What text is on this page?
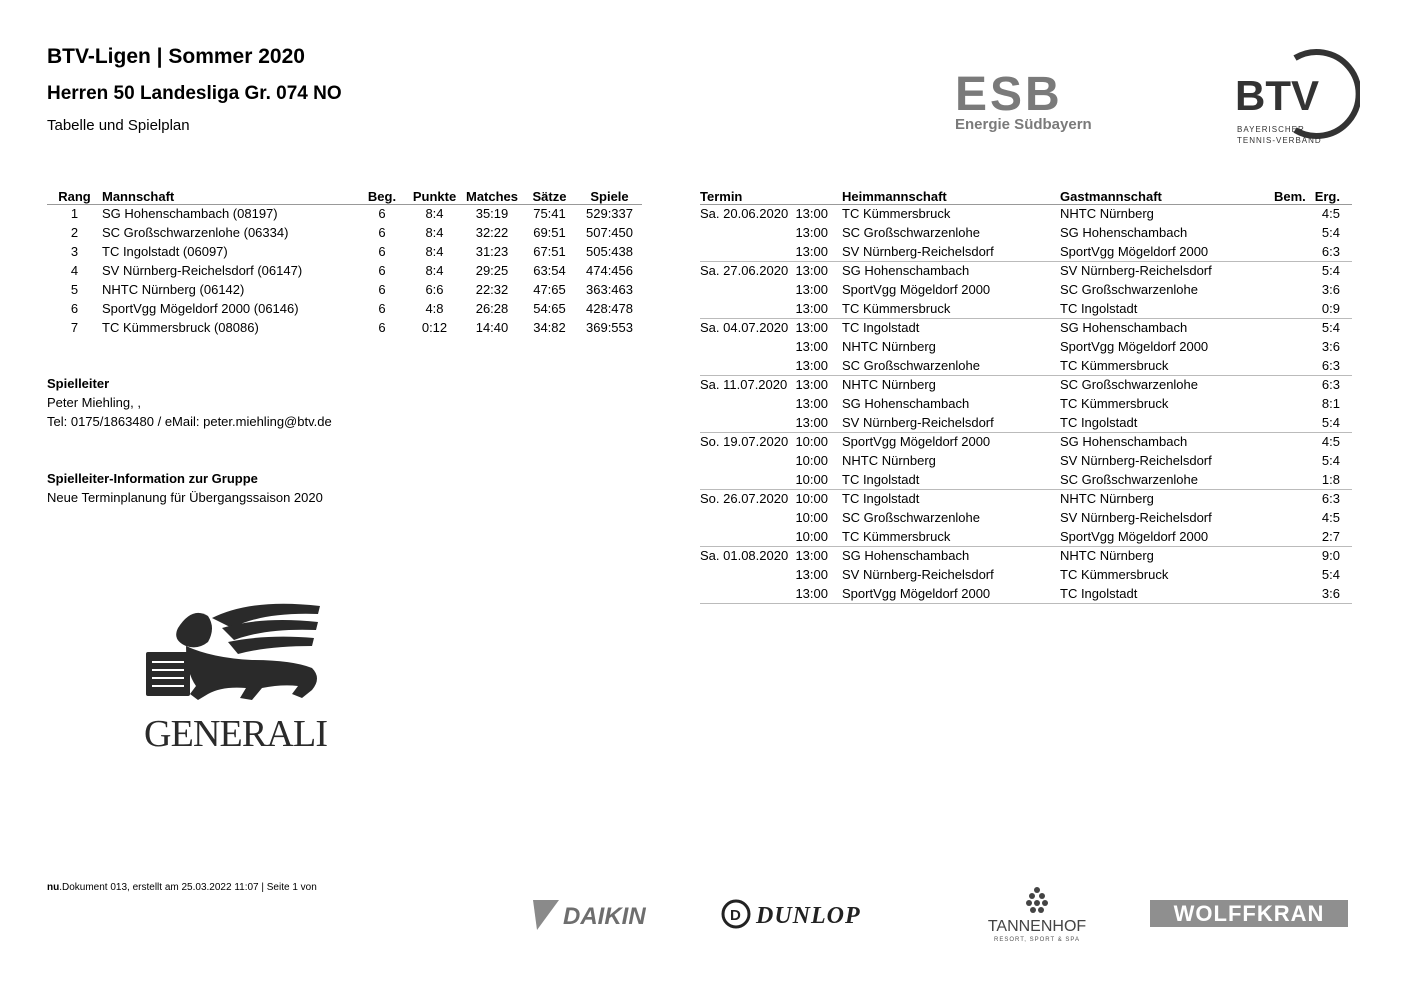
BTV-Ligen | Sommer 2020
Herren 50 Landesliga Gr. 074 NO
Tabelle und Spielplan
ESB
Energie Südbayern
BTV
BAYERISCHER
TENNIS-VERBAND
Rang	Mannschaft	Beg.	Punkte	Matches	Sätze	Spiele
1	SG Hohenschambach (08197)	6	8:4	35:19	75:41	529:337
2	SC Großschwarzenlohe (06334)	6	8:4	32:22	69:51	507:450
3	TC Ingolstadt (06097)	6	8:4	31:23	67:51	505:438
4	SV Nürnberg-Reichelsdorf (06147)	6	8:4	29:25	63:54	474:456
5	NHTC Nürnberg (06142)	6	6:6	22:32	47:65	363:463
6	SportVgg Mögeldorf 2000 (06146)	6	4:8	26:28	54:65	428:478
7	TC Kümmersbruck (08086)	6	0:12	14:40	34:82	369:553
Spielleiter
Peter Miehling, ,
Tel: 0175/1863480 / eMail: peter.miehling@btv.de
Spielleiter-Information zur Gruppe
Neue Terminplanung für Übergangssaison 2020
GENERALI
Termin		Heimmannschaft	Gastmannschaft	Bem.	Erg.
Sa. 20.06.2020	13:00	TC Kümmersbruck	NHTC Nürnberg		4:5
	13:00	SC Großschwarzenlohe	SG Hohenschambach		5:4
	13:00	SV Nürnberg-Reichelsdorf	SportVgg Mögeldorf 2000		6:3
Sa. 27.06.2020	13:00	SG Hohenschambach	SV Nürnberg-Reichelsdorf		5:4
	13:00	SportVgg Mögeldorf 2000	SC Großschwarzenlohe		3:6
	13:00	TC Kümmersbruck	TC Ingolstadt		0:9
Sa. 04.07.2020	13:00	TC Ingolstadt	SG Hohenschambach		5:4
	13:00	NHTC Nürnberg	SportVgg Mögeldorf 2000		3:6
	13:00	SC Großschwarzenlohe	TC Kümmersbruck		6:3
Sa. 11.07.2020	13:00	NHTC Nürnberg	SC Großschwarzenlohe		6:3
	13:00	SG Hohenschambach	TC Kümmersbruck		8:1
	13:00	SV Nürnberg-Reichelsdorf	TC Ingolstadt		5:4
So. 19.07.2020	10:00	SportVgg Mögeldorf 2000	SG Hohenschambach		4:5
	10:00	NHTC Nürnberg	SV Nürnberg-Reichelsdorf		5:4
	10:00	TC Ingolstadt	SC Großschwarzenlohe		1:8
So. 26.07.2020	10:00	TC Ingolstadt	NHTC Nürnberg		6:3
	10:00	SC Großschwarzenlohe	SV Nürnberg-Reichelsdorf		4:5
	10:00	TC Kümmersbruck	SportVgg Mögeldorf 2000		2:7
Sa. 01.08.2020	13:00	SG Hohenschambach	NHTC Nürnberg		9:0
	13:00	SV Nürnberg-Reichelsdorf	TC Kümmersbruck		5:4
	13:00	SportVgg Mögeldorf 2000	TC Ingolstadt		3:6
nu.Dokument 013, erstellt am 25.03.2022 11:07 | Seite 1 von
DAIKIN	D DUNLOP	TANNENHOF
RESORT, SPORT & SPA
WOLFFKRAN
